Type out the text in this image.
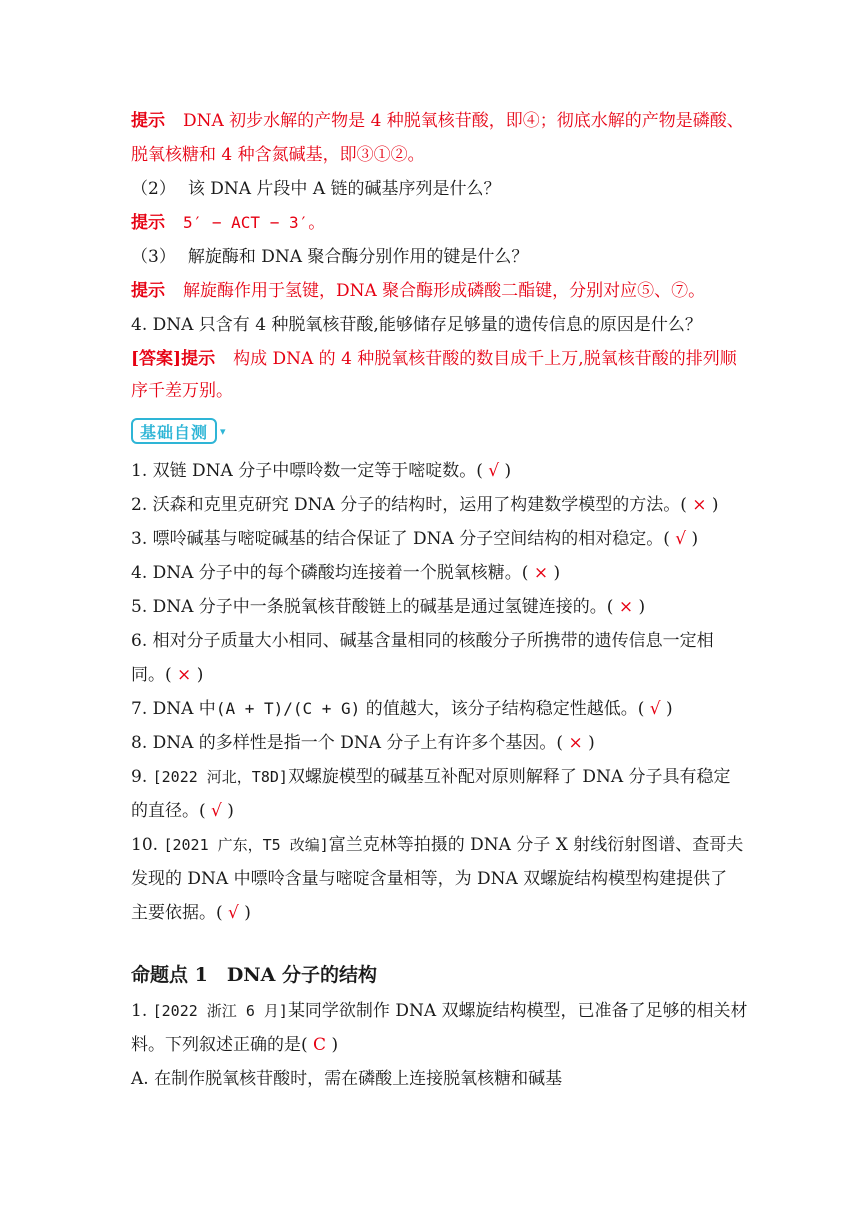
提示 DNA 初步水解的产物是 4 种脱氧核苷酸，即④；彻底水解的产物是磷酸、
脱氧核糖和 4 种含氮碱基，即③①②。
（2） 该 DNA 片段中 A 链的碱基序列是什么？
提示 5′ − ACT − 3′。
（3） 解旋酶和 DNA 聚合酶分别作用的键是什么？
提示 解旋酶作用于氢键，DNA 聚合酶形成磷酸二酯键，分别对应⑤、⑦。
4. DNA 只含有 4 种脱氧核苷酸,能够储存足够量的遗传信息的原因是什么？
[答案]提示 构成 DNA 的 4 种脱氧核苷酸的数目成千上万,脱氧核苷酸的排列顺
序千差万别。
基础自测	▾
1. 双链 DNA 分子中嘌呤数一定等于嘧啶数。( √ )
2. 沃森和克里克研究 DNA 分子的结构时，运用了构建数学模型的方法。( × )
3. 嘌呤碱基与嘧啶碱基的结合保证了 DNA 分子空间结构的相对稳定。( √ )
4. DNA 分子中的每个磷酸均连接着一个脱氧核糖。( × )
5. DNA 分子中一条脱氧核苷酸链上的碱基是通过氢键连接的。( × )
6. 相对分子质量大小相同、碱基含量相同的核酸分子所携带的遗传信息一定相
同。( × )
7. DNA 中(A + T)/(C + G) 的值越大，该分子结构稳定性越低。( √ )
8. DNA 的多样性是指一个 DNA 分子上有许多个基因。( × )
9. [2022 河北，T8D]双螺旋模型的碱基互补配对原则解释了 DNA 分子具有稳定
的直径。( √ )
10. [2021 广东，T5 改编]富兰克林等拍摄的 DNA 分子 X 射线衍射图谱、查哥夫
发现的 DNA 中嘌呤含量与嘧啶含量相等，为 DNA 双螺旋结构模型构建提供了
主要依据。( √ )
命题点 1　DNA 分子的结构
1. [2022 浙江 6 月]某同学欲制作 DNA 双螺旋结构模型，已准备了足够的相关材
料。下列叙述正确的是( C )
A. 在制作脱氧核苷酸时，需在磷酸上连接脱氧核糖和碱基
